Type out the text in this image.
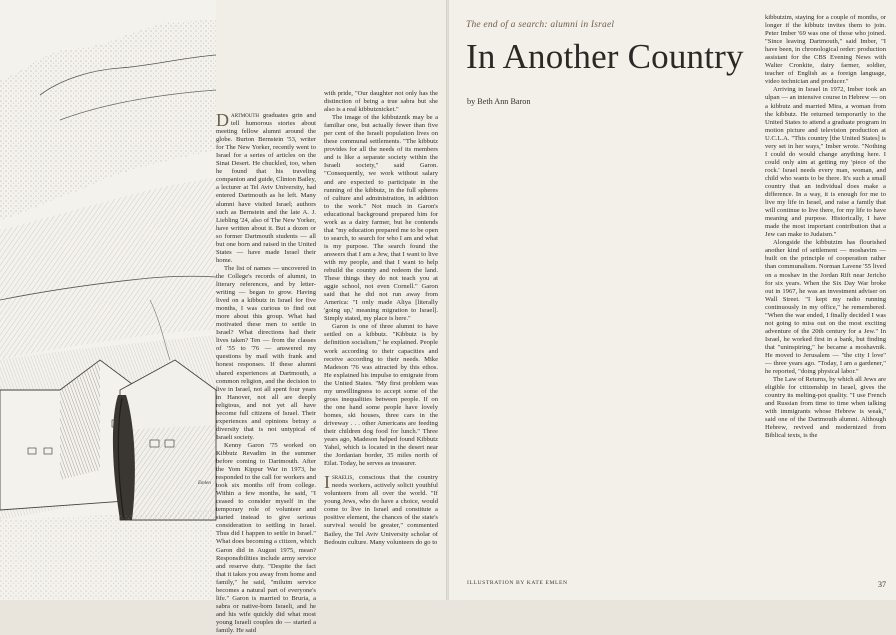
Emlen

Dartmouth graduates grin and tell humorous stories about meeting fellow alumni around the globe. Burton Bernstein '53, writer for The New Yorker, recently went to Israel for a series of articles on the Sinai Desert. He chuckled, too, when he found that his traveling companion and guide, Clinton Bailey, a lecturer at Tel Aviv University, had entered Dartmouth as he left. Many alumni have visited Israel; authors such as Bernstein and the late A. J. Liebling '24, also of The New Yorker, have written about it. But a dozen or so former Dartmouth students — all but one born and raised in the United States — have made Israel their home.

The list of names — uncovered in the College's records of alumni, in literary references, and by letter-writing — began to grow. Having lived on a kibbutz in Israel for five months, I was curious to find out more about this group. What had motivated these men to settle in Israel? What directions had their lives taken? Ten — from the classes of '55 to '76 — answered my questions by mail with frank and honest responses. If these alumni shared experiences at Dartmouth, a common religion, and the decision to live in Israel, not all spent four years in Hanover, not all are deeply religious, and not yet all have become full citizens of Israel. Their experiences and opinions betray a diversity that is not untypical of Israeli society.

Kenny Garon '75 worked on Kibbutz Revadim in the summer before coming to Dartmouth. After the Yom Kippur War in 1973, he responded to the call for workers and took six months off from college. Within a few months, he said, "I ceased to consider myself in the temporary role of volunteer and started instead to give serious consideration to settling in Israel. Thus did I happen to settle in Israel." What does becoming a citizen, which Garon did in August 1975, mean? Responsibilities include army service and reserve duty. "Despite the fact that it takes you away from home and family," he said, "miluim service becomes a natural part of everyone's life." Garon is married to Bruria, a sabra or native-born Israeli, and he and his wife quickly did what most young Israeli couples do — started a family. He said

with pride, "Our daughter not only has the distinction of being a true sabra but she also is a real kibbutznicket."

The image of the kibbutznik may be a familiar one, but actually fewer than five per cent of the Israeli population lives on these communal settlements. "The kibbutz provides for all the needs of its members and is like a separate society within the Israeli society," said Garon. "Consequently, we work without salary and are expected to participate in the running of the kibbutz, in the full spheres of culture and administration, in addition to the work." Not much in Garon's educational background prepared him for work as a dairy farmer, but he contends that "my education prepared me to be open to search, to search for who I am and what is my purpose. The search found the answers that I am a Jew, that I want to live with my people, and that I want to help rebuild the country and redeem the land. These things they do not teach you at aggie school, not even Cornell." Garon said that he did not run away from America: "I only made Aliya [literally 'going up,' meaning migration to Israel]. Simply stated, my place is here."

Garon is one of three alumni to have settled on a kibbutz. "Kibbutz is by definition socialism," he explained. People work according to their capacities and receive according to their needs. Mike Madeson '76 was attracted by this ethos. He explained his impulse to emigrate from the United States. "My first problem was my unwillingness to accept some of the gross inequalities between people. If on the one hand some people have lovely homes, ski houses, three cars in the driveway . . . other Americans are feeding their children dog food for lunch." Three years ago, Madeson helped found Kibbutz Yahel, which is located in the desert near the Jordanian border, 35 miles north of Eilat. Today, he serves as treasurer.

Israelis, conscious that the country needs workers, actively solicit youthful volunteers from all over the world. "If young Jews, who do have a choice, would come to live in Israel and constitute a positive element, the chances of the state's survival would be greater," commented Bailey, the Tel Aviv University scholar of Bedouin culture. Many volunteers do go to

The end of a search: alumni in Israel
In Another Country
by Beth Ann Baron

kibbutzim, staying for a couple of months, or longer if the kibbutz invites them to join. Peter Imber '69 was one of those who joined. "Since leaving Dartmouth," said Imber, "I have been, in chronological order: production assistant for the CBS Evening News with Walter Cronkite, dairy farmer, soldier, teacher of English as a foreign language, video technician and producer."

Arriving in Israel in 1972, Imber took an ulpan — an intensive course in Hebrew — on a kibbutz and married Mira, a woman from the kibbutz. He returned temporarily to the United States to attend a graduate program in motion picture and television production at U.C.L.A. "This country [the United States] is very set in her ways," Imber wrote. "Nothing I could do would change anything here. I could only aim at getting my 'piece of the rock.' Israel needs every man, woman, and child who wants to be there. It's such a small country that an individual does make a difference. In a way, it is enough for me to live my life in Israel, and raise a family that will continue to live there, for my life to have meaning and purpose. Historically, I have made the most important contribution that a Jew can make to Judaism."

Alongside the kibbutzim has flourished another kind of settlement — moshavim — built on the principle of cooperation rather than communalism. Norman Lavene '55 lived on a moshav in the Jordan Rift near Jericho for six years. When the Six Day War broke out in 1967, he was an investment adviser on Wall Street. "I kept my radio running continuously in my office," he remembered. "When the war ended, I finally decided I was not going to miss out on the most exciting adventure of the 20th century for a Jew." In Israel, he worked first in a bank, but finding that "uninspiring," he became a moshavnik. He moved to Jerusalem — "the city I love" — three years ago. "Today, I am a gardener," he reported, "doing physical labor."

The Law of Returns, by which all Jews are eligible for citizenship in Israel, gives the country its melting-pot quality. "I use French and Russian from time to time when talking with immigrants whose Hebrew is weak," said one of the Dartmouth alumni. Although Hebrew, revived and modernized from Biblical texts, is the

ILLUSTRATION BY KATE EMLEN	37
